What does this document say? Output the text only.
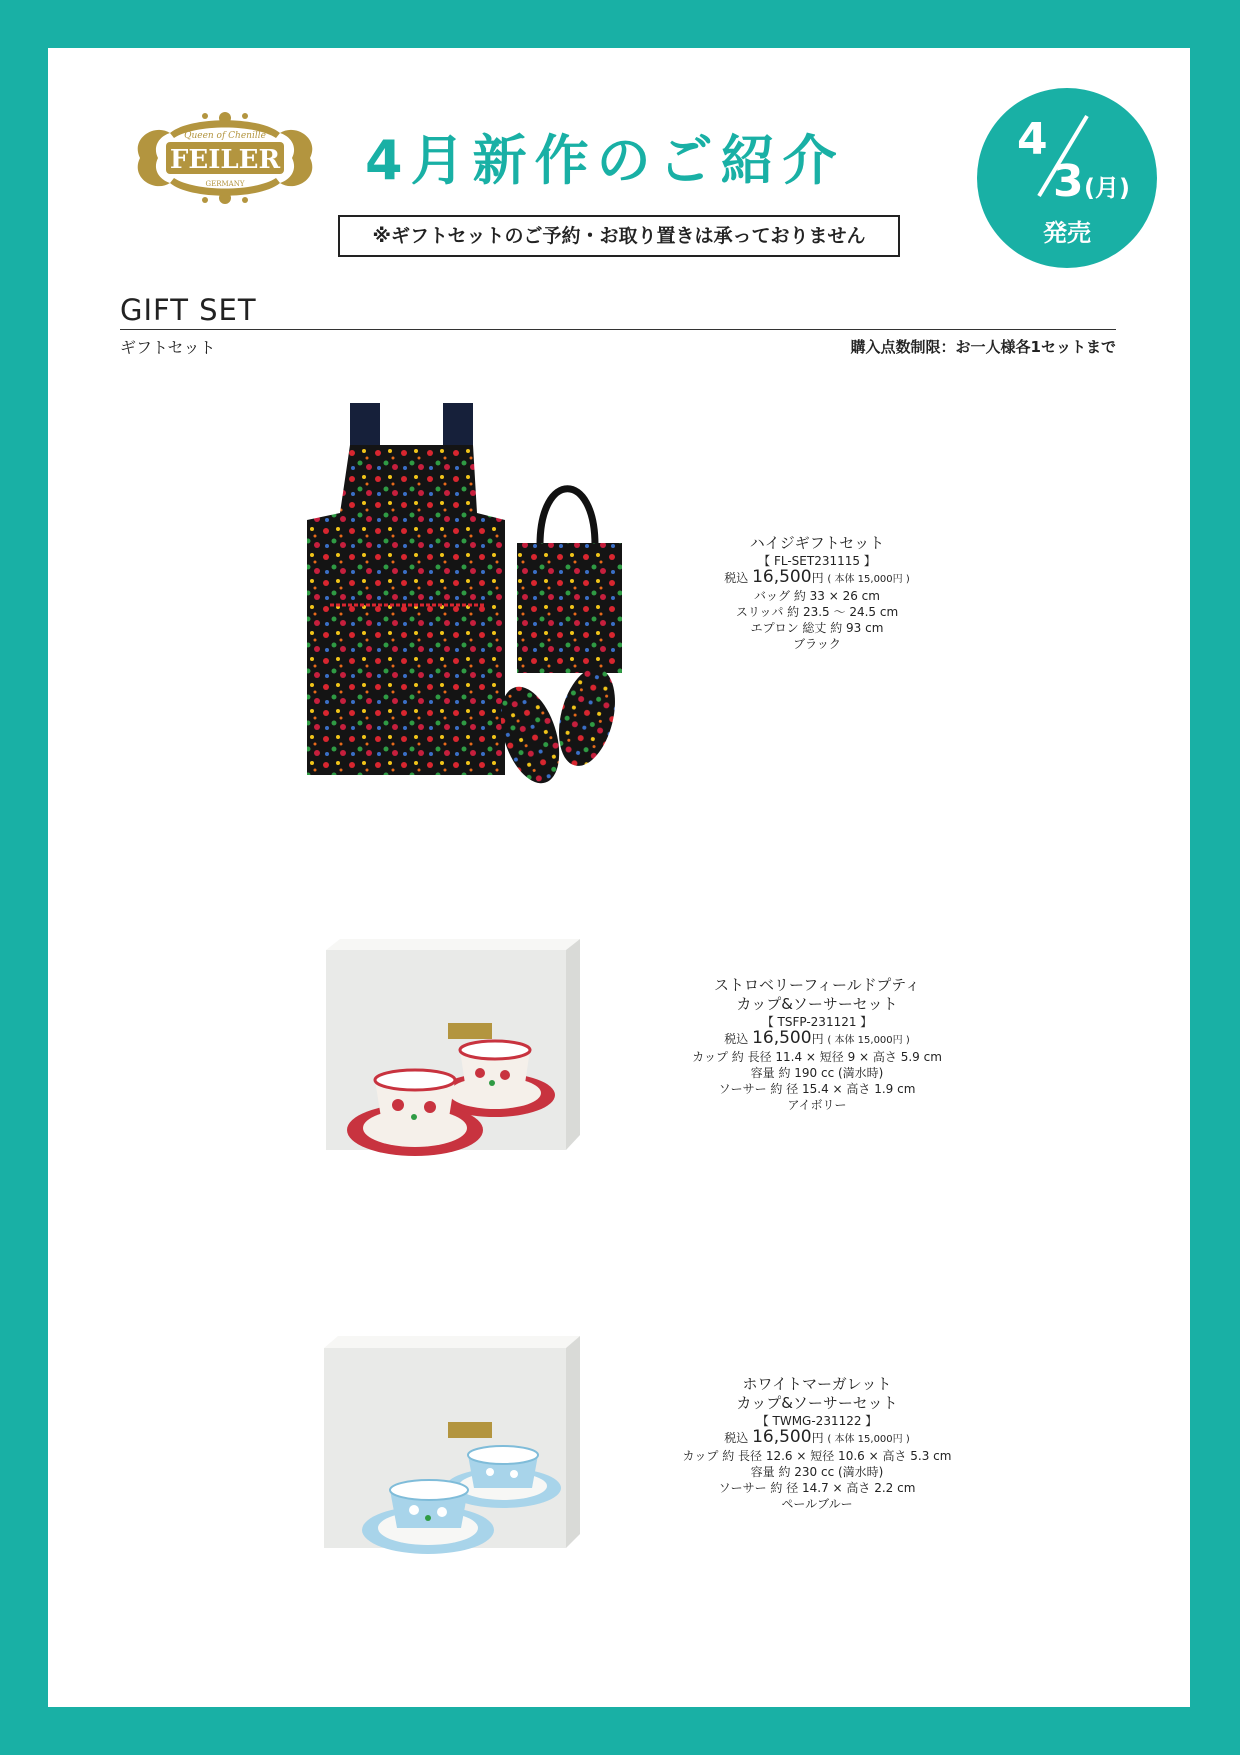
Queen of Chenille
FEILER
GERMANY 4月新作のご紹介
※ギフトセットのご予約・お取り置きは承っておりません
4
3 (月)
発売
GIFT SET
ギフトセット	購入点数制限：お一人様各1セットまで
ハイジギフトセット
【 FL-SET231115 】
税込 16,500円 ( 本体 15,000円 )
バッグ 約 33 × 26 cm
スリッパ 約 23.5 ～ 24.5 cm
エプロン 総丈 約 93 cm
ブラック
ストロベリーフィールドプティ
カップ&ソーサーセット
【 TSFP-231121 】
税込 16,500円 ( 本体 15,000円 )
カップ 約 長径 11.4 × 短径 9 × 高さ 5.9 cm
容量 約 190 cc (満水時)
ソーサー 約 径 15.4 × 高さ 1.9 cm
アイボリー
ホワイトマーガレット
カップ&ソーサーセット
【 TWMG-231122 】
税込 16,500円 ( 本体 15,000円 )
カップ 約 長径 12.6 × 短径 10.6 × 高さ 5.3 cm
容量 約 230 cc (満水時)
ソーサー 約 径 14.7 × 高さ 2.2 cm
ペールブルー
